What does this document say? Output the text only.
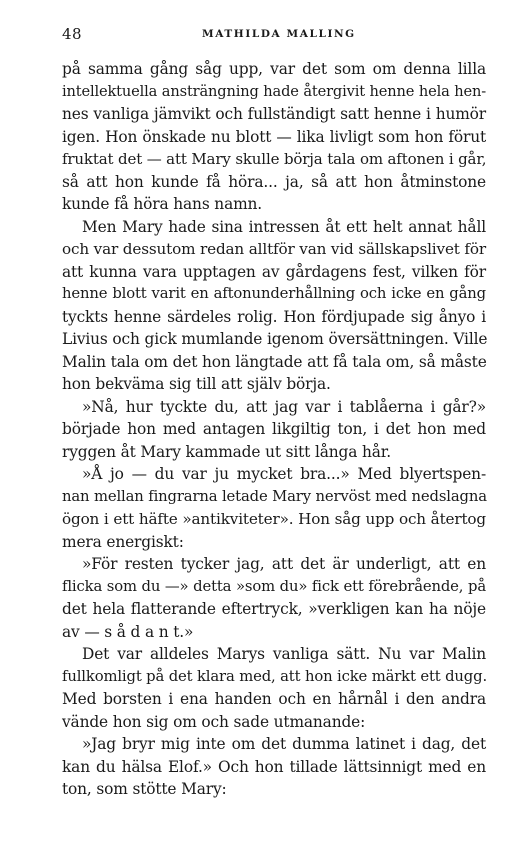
48	MATHILDA MALLING
på samma gång såg upp, var det som om denna lilla
intellektuella ansträngning hade återgivit henne hela hen-
nes vanliga jämvikt och fullständigt satt henne i humör
igen. Hon önskade nu blott — lika livligt som hon förut
fruktat det — att Mary skulle börja tala om aftonen i går,
så att hon kunde få höra... ja, så att hon åtminstone
kunde få höra hans namn.
Men Mary hade sina intressen åt ett helt annat håll
och var dessutom redan alltför van vid sällskapslivet för
att kunna vara upptagen av gårdagens fest, vilken för
henne blott varit en aftonunderhållning och icke en gång
tyckts henne särdeles rolig. Hon fördjupade sig ånyo i
Livius och gick mumlande igenom översättningen. Ville
Malin tala om det hon längtade att få tala om, så måste
hon bekväma sig till att själv börja.
»Nå, hur tyckte du, att jag var i tablåerna i går?»
började hon med antagen likgiltig ton, i det hon med
ryggen åt Mary kammade ut sitt långa hår.
»Å jo — du var ju mycket bra...» Med blyertspen-
nan mellan fingrarna letade Mary nervöst med nedslagna
ögon i ett häfte »antikviteter». Hon såg upp och återtog
mera energiskt:
»För resten tycker jag, att det är underligt, att en
flicka som du —» detta »som du» fick ett förebrående, på
det hela flatterande eftertryck, »verkligen kan ha nöje
av — s å d a n t.»
Det var alldeles Marys vanliga sätt. Nu var Malin
fullkomligt på det klara med, att hon icke märkt ett dugg.
Med borsten i ena handen och en hårnål i den andra
vände hon sig om och sade utmanande:
»Jag bryr mig inte om det dumma latinet i dag, det
kan du hälsa Elof.» Och hon tillade lättsinnigt med en
ton, som stötte Mary:
